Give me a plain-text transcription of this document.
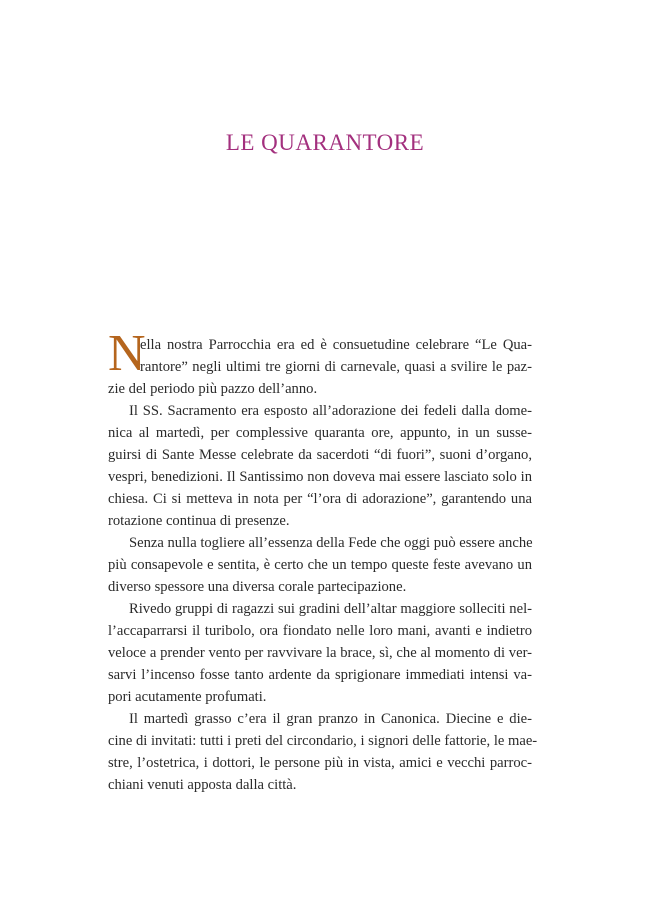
LE QUARANTORE
N
ella nostra Parrocchia era ed è consuetudine celebrare “Le Qua-
rantore” negli ultimi tre giorni di carnevale, quasi a svilire le paz-
zie del periodo più pazzo dell’anno.
Il SS. Sacramento era esposto all’adorazione dei fedeli dalla dome-
nica al martedì, per complessive quaranta ore, appunto, in un susse-
guirsi di Sante Messe celebrate da sacerdoti “di fuori”, suoni d’organo,
vespri, benedizioni. Il Santissimo non doveva mai essere lasciato solo in
chiesa. Ci si metteva in nota per “l’ora di adorazione”, garantendo una
rotazione continua di presenze.
Senza nulla togliere all’essenza della Fede che oggi può essere anche
più consapevole e sentita, è certo che un tempo queste feste avevano un
diverso spessore una diversa corale partecipazione.
Rivedo gruppi di ragazzi sui gradini dell’altar maggiore solleciti nel-
l’accaparrarsi il turibolo, ora fiondato nelle loro mani, avanti e indietro
veloce a prender vento per ravvivare la brace, sì, che al momento di ver-
sarvi l’incenso fosse tanto ardente da sprigionare immediati intensi va-
pori acutamente profumati.
Il martedì grasso c’era il gran pranzo in Canonica. Diecine e die-
cine di invitati: tutti i preti del circondario, i signori delle fattorie, le mae-
stre, l’ostetrica, i dottori, le persone più in vista, amici e vecchi parroc-
chiani venuti apposta dalla città.
